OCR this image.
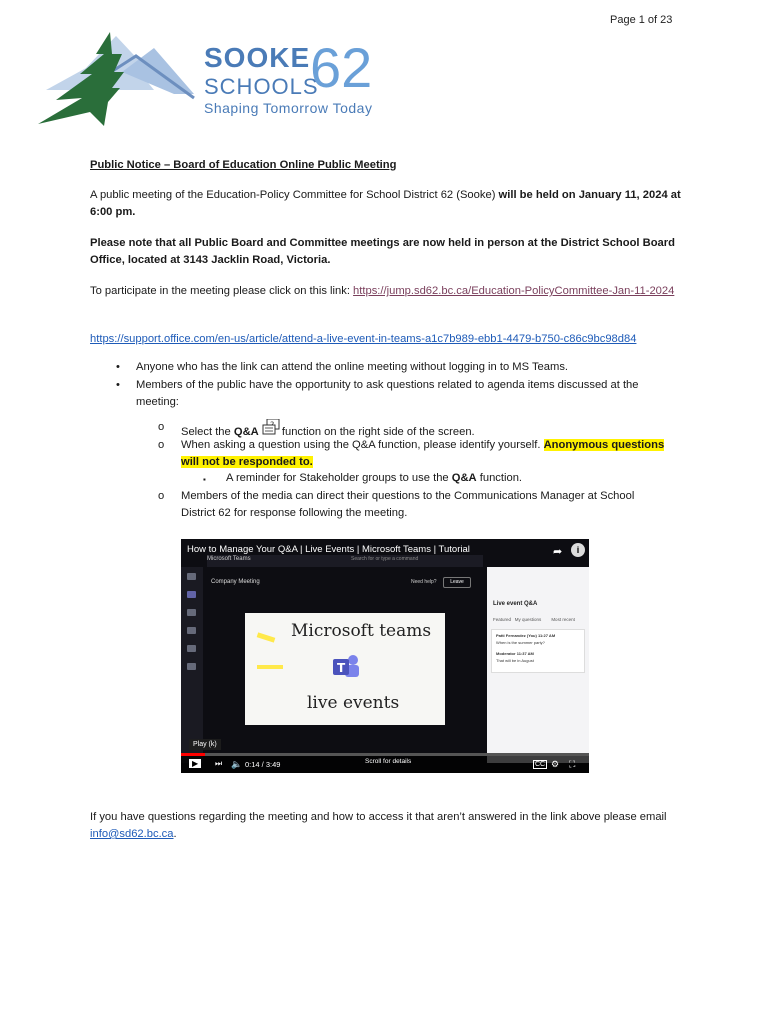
Page 1 of 23
SOOKE
SCHOOLS
62
Shaping Tomorrow Today
Public Notice – Board of Education Online Public Meeting
A public meeting of the Education-Policy Committee for School District 62 (Sooke) will be held on January 11, 2024 at 6:00 pm.
Please note that all Public Board and Committee meetings are now held in person at the District School Board Office, located at 3143 Jacklin Road, Victoria.
To participate in the meeting please click on this link: https://jump.sd62.bc.ca/Education-PolicyCommittee-Jan-11-2024
https://support.office.com/en-us/article/attend-a-live-event-in-teams-a1c7b989-ebb1-4479-b750-c86c9bc98d84
• Anyone who has the link can attend the online meeting without logging in to MS Teams.
• Members of the public have the opportunity to ask questions related to agenda items discussed at the meeting:
o Select the Q&A function on the right side of the screen.
o When asking a question using the Q&A function, please identify yourself. Anonymous questions
will not be responded to.
▪ A reminder for Stakeholder groups to use the Q&A function.
o Members of the media can direct their questions to the Communications Manager at School District 62 for response following the meeting.
Microsoft Teams	Search for or type a command
How to Manage Your Q&A | Live Events | Microsoft Teams | Tutorial	➦	i
Company Meeting	Need help?	Leave
Microsoft teams
T
live events
Live event Q&A
Featured My questions Most recent

Patti Fernandez (You) 11:27 AM

When is the summer party?

Moderator 11:37 AM

That will be in August

Play (k)
▶	⏭ 🔈 0:14 / 3:49	Scroll for details	CC ⚙ ⛶
If you have questions regarding the meeting and how to access it that aren’t answered in the link above please email info@sd62.bc.ca.
